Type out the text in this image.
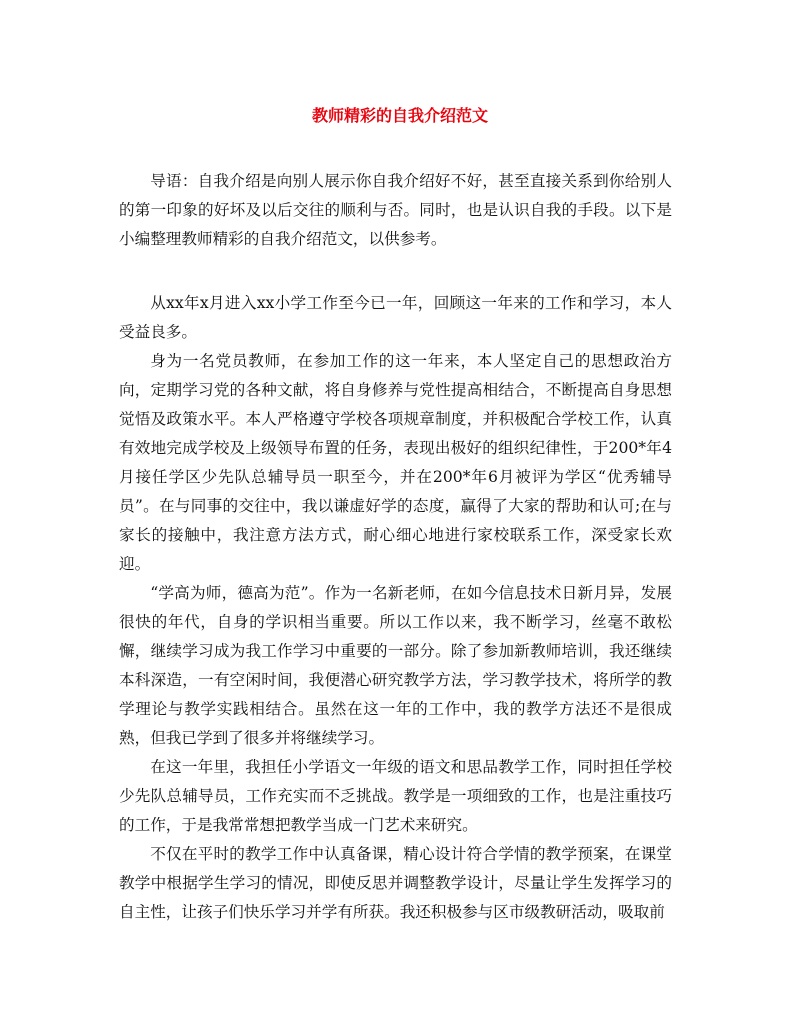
教师精彩的自我介绍范文

导语：自我介绍是向别人展示你自我介绍好不好，甚至直接关系到你给别人的第一印象的好坏及以后交往的顺利与否。同时，也是认识自我的手段。以下是小编整理教师精彩的自我介绍范文，以供参考。

从xx年x月进入xx小学工作至今已一年，回顾这一年来的工作和学习，本人受益良多。

身为一名党员教师，在参加工作的这一年来，本人坚定自己的思想政治方向，定期学习党的各种文献，将自身修养与党性提高相结合，不断提高自身思想觉悟及政策水平。本人严格遵守学校各项规章制度，并积极配合学校工作，认真有效地完成学校及上级领导布置的任务，表现出极好的组织纪律性，于200*年4月接任学区少先队总辅导员一职至今，并在200*年6月被评为学区“优秀辅导员”。在与同事的交往中，我以谦虚好学的态度，赢得了大家的帮助和认可;在与家长的接触中，我注意方法方式，耐心细心地进行家校联系工作，深受家长欢迎。

“学高为师，德高为范”。作为一名新老师，在如今信息技术日新月异，发展很快的年代，自身的学识相当重要。所以工作以来，我不断学习，丝毫不敢松懈，继续学习成为我工作学习中重要的一部分。除了参加新教师培训，我还继续本科深造，一有空闲时间，我便潜心研究教学方法，学习教学技术，将所学的教学理论与教学实践相结合。虽然在这一年的工作中，我的教学方法还不是很成熟，但我已学到了很多并将继续学习。

在这一年里，我担任小学语文一年级的语文和思品教学工作，同时担任学校少先队总辅导员，工作充实而不乏挑战。教学是一项细致的工作，也是注重技巧的工作，于是我常常想把教学当成一门艺术来研究。

不仅在平时的教学工作中认真备课，精心设计符合学情的教学预案，在课堂教学中根据学生学习的情况，即使反思并调整教学设计，尽量让学生发挥学习的自主性，让孩子们快乐学习并学有所获。我还积极参与区市级教研活动，吸取前
